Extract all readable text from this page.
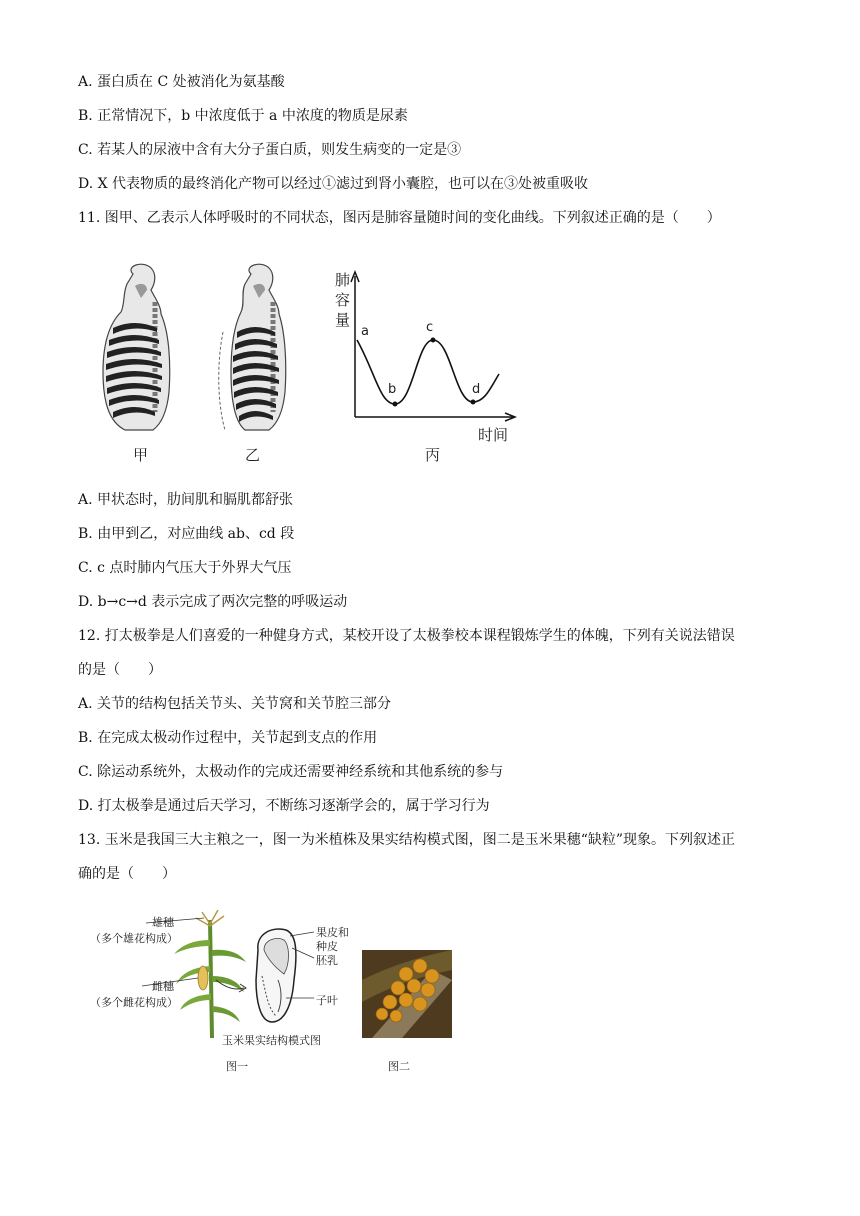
A. 蛋白质在 C 处被消化为氨基酸
B. 正常情况下，b 中浓度低于 a 中浓度的物质是尿素
C. 若某人的尿液中含有大分子蛋白质，则发生病变的一定是③
D. X 代表物质的最终消化产物可以经过①滤过到肾小囊腔，也可以在③处被重吸收
11. 图甲、乙表示人体呼吸时的不同状态，图丙是肺容量随时间的变化曲线。下列叙述正确的是（　　）
肺
容
量
a
b
c
d
时间
甲	乙	丙
A. 甲状态时，肋间肌和膈肌都舒张
B. 由甲到乙，对应曲线 ab、cd 段
C. c 点时肺内气压大于外界大气压
D. b→c→d 表示完成了两次完整的呼吸运动
12. 打太极拳是人们喜爱的一种健身方式，某校开设了太极拳校本课程锻炼学生的体魄，下列有关说法错误
的是（　　）
A. 关节的结构包括关节头、关节窝和关节腔三部分
B. 在完成太极动作过程中，关节起到支点的作用
C. 除运动系统外，太极动作的完成还需要神经系统和其他系统的参与
D. 打太极拳是通过后天学习，不断练习逐渐学会的，属于学习行为
13. 玉米是我国三大主粮之一，图一为米植株及果实结构模式图，图二是玉米果穗“缺粒”现象。下列叙述正
确的是（　　）
雄穗
（多个雄花构成）
雌穗
（多个雌花构成）
果皮和
种皮
胚乳
子叶
玉米果实结构模式图
图一	图二
